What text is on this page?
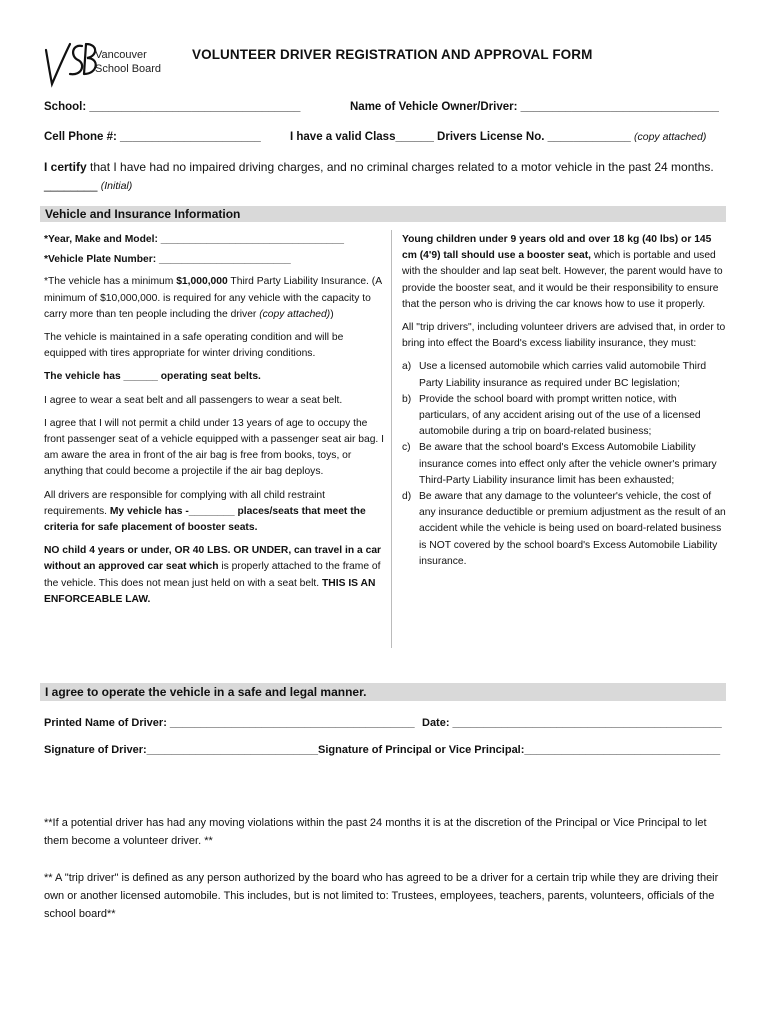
Vancouver
School Board
VOLUNTEER DRIVER REGISTRATION AND APPROVAL FORM
School: _________________________________	Name of Vehicle Owner/Driver: _______________________________
Cell Phone #: ______________________	I have a valid Class______ Drivers License No. _____________ (copy attached)
I certify that I have had no impaired driving charges, and no criminal charges related to a motor vehicle in the past 24 months. ________ (Initial)
Vehicle and Insurance Information

*Year, Make and Model: ________________________________

*Vehicle Plate Number: _______________________

*The vehicle has a minimum $1,000,000 Third Party Liability Insurance. (A minimum of $10,000,000. is required for any vehicle with the capacity to carry more than ten people including the driver (copy attached))

The vehicle is maintained in a safe operating condition and will be equipped with tires appropriate for winter driving conditions.

The vehicle has ______ operating seat belts.

I agree to wear a seat belt and all passengers to wear a seat belt.

I agree that I will not permit a child under 13 years of age to occupy the front passenger seat of a vehicle equipped with a passenger seat air bag. I am aware the area in front of the air bag is free from books, toys, or anything that could become a projectile if the air bag deploys.

All drivers are responsible for complying with all child restraint requirements. My vehicle has -________ places/seats that meet the criteria for safe placement of booster seats.

NO child 4 years or under, OR 40 LBS. OR UNDER, can travel in a car without an approved car seat which is properly attached to the frame of the vehicle. This does not mean just held on with a seat belt. THIS IS AN ENFORCEABLE LAW.

Young children under 9 years old and over 18 kg (40 lbs) or 145 cm (4'9) tall should use a booster seat, which is portable and used with the shoulder and lap seat belt. However, the parent would have to provide the booster seat, and it would be their responsibility to ensure that the person who is driving the car knows how to use it properly.

All "trip drivers", including volunteer drivers are advised that, in order to bring into effect the Board's excess liability insurance, they must:

a) Use a licensed automobile which carries valid automobile Third Party Liability insurance as required under BC legislation;
b) Provide the school board with prompt written notice, with particulars, of any accident arising out of the use of a licensed automobile during a trip on board-related business;
c) Be aware that the school board's Excess Automobile Liability insurance comes into effect only after the vehicle owner's primary Third-Party Liability insurance limit has been exhausted;
d) Be aware that any damage to the volunteer's vehicle, the cost of any insurance deductible or premium adjustment as the result of an accident while the vehicle is being used on board-related business is NOT covered by the school board's Excess Automobile Liability insurance.
I agree to operate the vehicle in a safe and legal manner.
Printed Name of Driver: ________________________________________ Date: ____________________________________________
Signature of Driver:____________________________ Signature of Principal or Vice Principal:________________________________
**If a potential driver has had any moving violations within the past 24 months it is at the discretion of the Principal or Vice Principal to let them become a volunteer driver. **
** A "trip driver" is defined as any person authorized by the board who has agreed to be a driver for a certain trip while they are driving their own or another licensed automobile. This includes, but is not limited to: Trustees, employees, teachers, parents, volunteers, officials of the school board**
